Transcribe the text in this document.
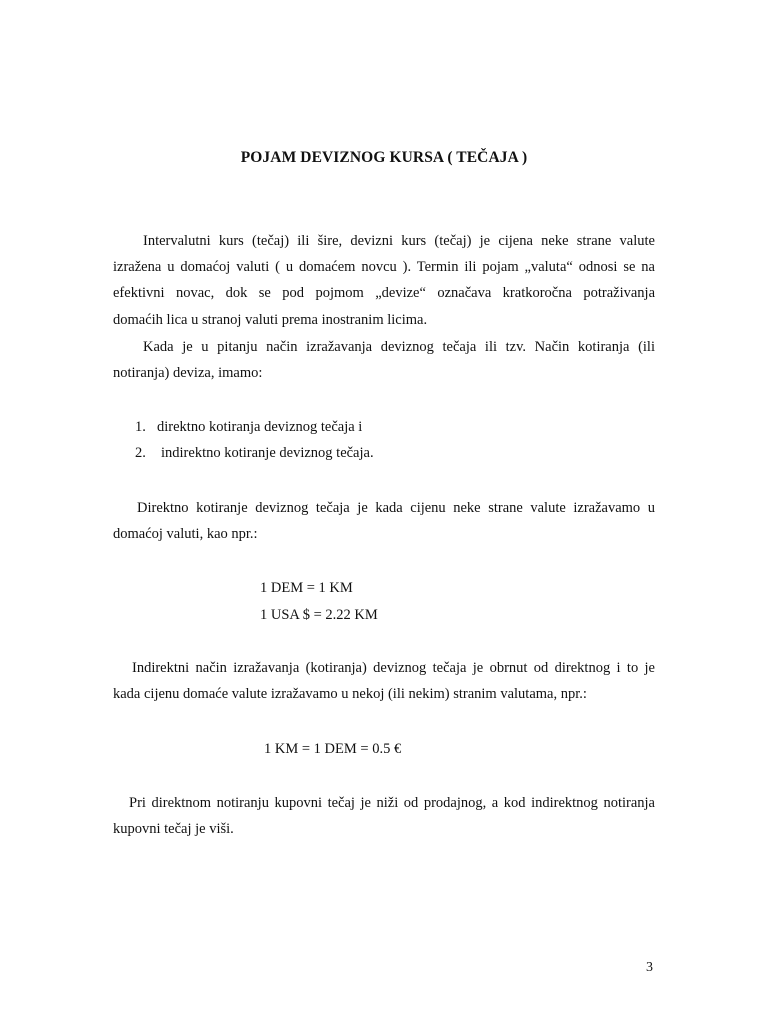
POJAM DEVIZNOG KURSA ( TEČAJA )
Intervalutni kurs (tečaj) ili šire, devizni kurs (tečaj) je cijena neke strane valute
izražena u domaćoj valuti ( u domaćem novcu ). Termin ili pojam „valuta“ odnosi se na
efektivni novac, dok se pod pojmom „devize“ označava kratkoročna potraživanja
domaćih lica u stranoj valuti prema inostranim licima.
Kada je u pitanju način izražavanja deviznog tečaja ili tzv. Način kotiranja (ili
notiranja) deviza, imamo:
1. direktno kotiranja deviznog tečaja i
2.	indirektno kotiranje deviznog tečaja.
Direktno kotiranje deviznog tečaja je kada cijenu neke strane valute izražavamo u
domaćoj valuti, kao npr.:
1 DEM = 1 KM
1 USA $ = 2.22 KM
Indirektni način izražavanja (kotiranja) deviznog tečaja je obrnut od direktnog i to je
kada cijenu domaće valute izražavamo u nekoj (ili nekim) stranim valutama, npr.:
1 KM = 1 DEM = 0.5 €
Pri direktnom notiranju kupovni tečaj je niži od prodajnog, a kod indirektnog notiranja
kupovni tečaj je viši.
3
